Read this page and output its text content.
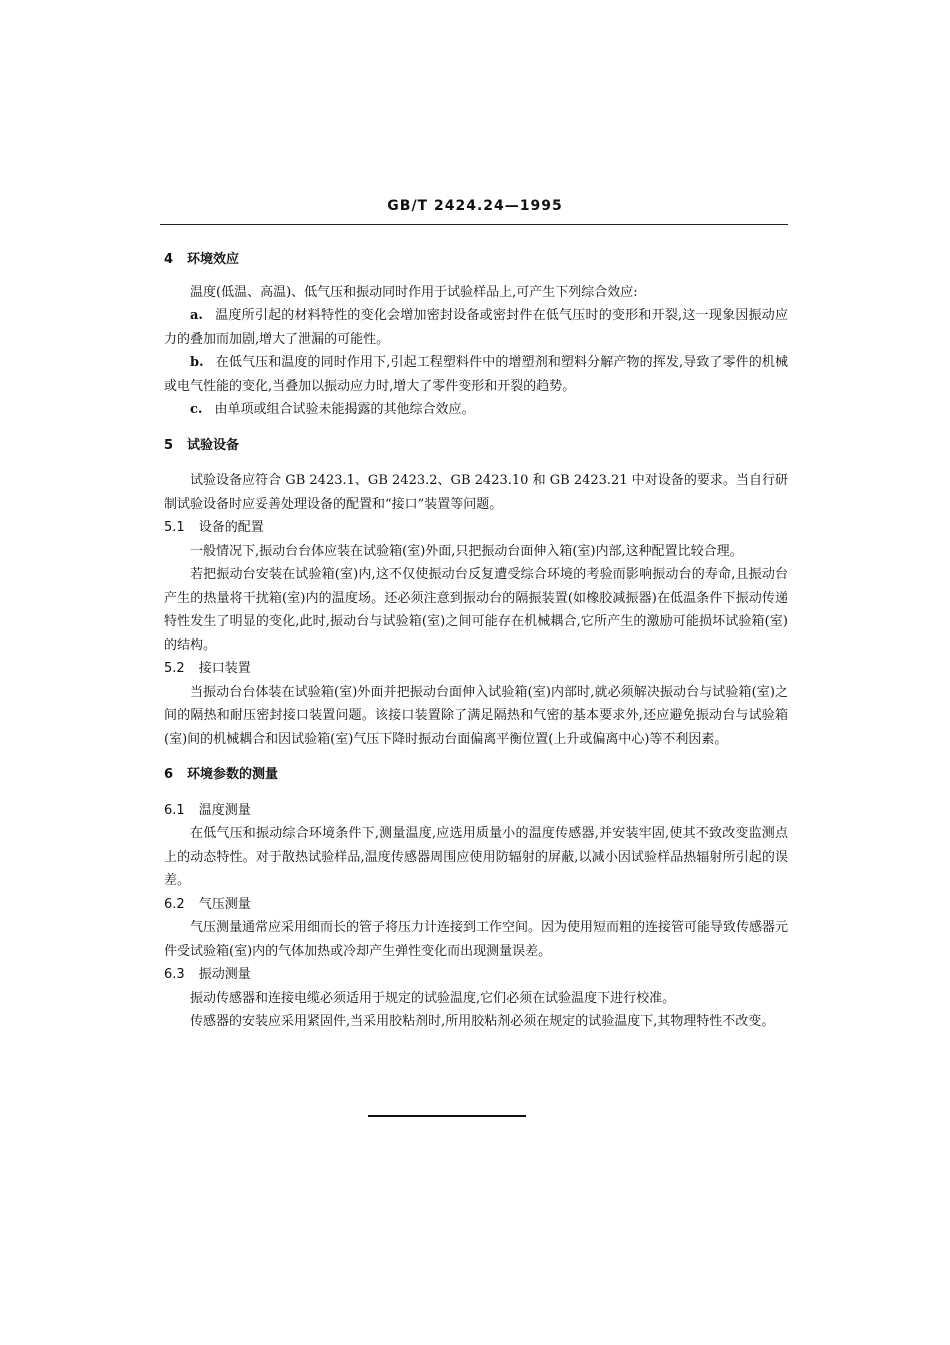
GB/T 2424.24—1995

4 环境效应

温度(低温、高温)、低气压和振动同时作用于试验样品上,可产生下列综合效应:

a. 温度所引起的材料特性的变化会增加密封设备或密封件在低气压时的变形和开裂,这一现象因振动应力的叠加而加剧,增大了泄漏的可能性。

b. 在低气压和温度的同时作用下,引起工程塑料件中的增塑剂和塑料分解产物的挥发,导致了零件的机械或电气性能的变化,当叠加以振动应力时,增大了零件变形和开裂的趋势。

c. 由单项或组合试验未能揭露的其他综合效应。

5 试验设备

试验设备应符合 GB 2423.1、GB 2423.2、GB 2423.10 和 GB 2423.21 中对设备的要求。当自行研制试验设备时应妥善处理设备的配置和“接口”装置等问题。

5.1 设备的配置

一般情况下,振动台台体应装在试验箱(室)外面,只把振动台面伸入箱(室)内部,这种配置比较合理。

若把振动台安装在试验箱(室)内,这不仅使振动台反复遭受综合环境的考验而影响振动台的寿命,且振动台产生的热量将干扰箱(室)内的温度场。还必须注意到振动台的隔振装置(如橡胶减振器)在低温条件下振动传递特性发生了明显的变化,此时,振动台与试验箱(室)之间可能存在机械耦合,它所产生的激励可能损坏试验箱(室)的结构。

5.2 接口装置

当振动台台体装在试验箱(室)外面并把振动台面伸入试验箱(室)内部时,就必须解决振动台与试验箱(室)之间的隔热和耐压密封接口装置问题。该接口装置除了满足隔热和气密的基本要求外,还应避免振动台与试验箱(室)间的机械耦合和因试验箱(室)气压下降时振动台面偏离平衡位置(上升或偏离中心)等不利因素。

6 环境参数的测量

6.1 温度测量

在低气压和振动综合环境条件下,测量温度,应选用质量小的温度传感器,并安装牢固,使其不致改变监测点上的动态特性。对于散热试验样品,温度传感器周围应使用防辐射的屏蔽,以减小因试验样品热辐射所引起的误差。

6.2 气压测量

气压测量通常应采用细而长的管子将压力计连接到工作空间。因为使用短而粗的连接管可能导致传感器元件受试验箱(室)内的气体加热或冷却产生弹性变化而出现测量误差。

6.3 振动测量

振动传感器和连接电缆必须适用于规定的试验温度,它们必须在试验温度下进行校准。

传感器的安装应采用紧固件,当采用胶粘剂时,所用胶粘剂必须在规定的试验温度下,其物理特性不改变。
